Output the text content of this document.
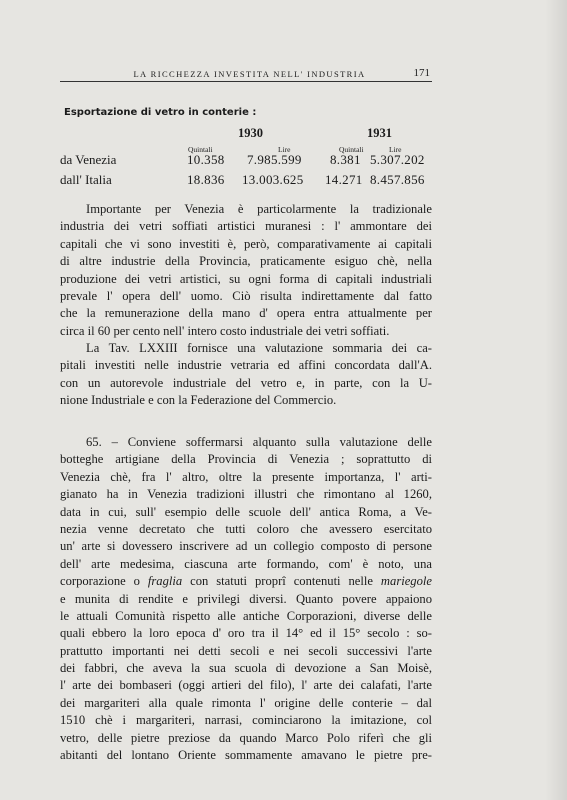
LA RICCHEZZA INVESTITA NELL' INDUSTRIA	171
Esportazione di vetro in conterie :
1930	1931
Quintali	Lire	Quintali	Lire
da Venezia	10.358 7.985.599 8.381 5.307.202
dall' Italia	18.836 13.003.625 14.271 8.457.856
Importante per Venezia è particolarmente la tradizionale
industria dei vetri soffiati artistici muranesi : l' ammontare dei
capitali che vi sono investiti è, però, comparativamente ai capitali
di altre industrie della Provincia, praticamente esiguo chè, nella
produzione dei vetri artistici, su ogni forma di capitali industriali
prevale l' opera dell' uomo. Ciò risulta indirettamente dal fatto
che la remunerazione della mano d' opera entra attualmente per
circa il 60 per cento nell' intero costo industriale dei vetri soffiati.
La Tav. LXXIII fornisce una valutazione sommaria dei ca-
pitali investiti nelle industrie vetraria ed affini concordata dall'A.
con un autorevole industriale del vetro e, in parte, con la U-
nione Industriale e con la Federazione del Commercio.
65. – Conviene soffermarsi alquanto sulla valutazione delle
botteghe artigiane della Provincia di Venezia ; soprattutto di
Venezia chè, fra l' altro, oltre la presente importanza, l' arti-
gianato ha in Venezia tradizioni illustri che rimontano al 1260,
data in cui, sull' esempio delle scuole dell' antica Roma, a Ve-
nezia venne decretato che tutti coloro che avessero esercitato
un' arte si dovessero inscrivere ad un collegio composto di persone
dell' arte medesima, ciascuna arte formando, com' è noto, una
corporazione o fraglia con statuti proprî contenuti nelle mariegole
e munita di rendite e privilegi diversi. Quanto povere appaiono
le attuali Comunità rispetto alle antiche Corporazioni, diverse delle
quali ebbero la loro epoca d' oro tra il 14° ed il 15° secolo : so-
prattutto importanti nei detti secoli e nei secoli successivi l'arte
dei fabbri, che aveva la sua scuola di devozione a San Moisè,
l' arte dei bombaseri (oggi artieri del filo), l' arte dei calafati, l'arte
dei margariteri alla quale rimonta l' origine delle conterie – dal
1510 chè i margariteri, narrasi, cominciarono la imitazione, col
vetro, delle pietre preziose da quando Marco Polo riferì che gli
abitanti del lontano Oriente sommamente amavano le pietre pre-
